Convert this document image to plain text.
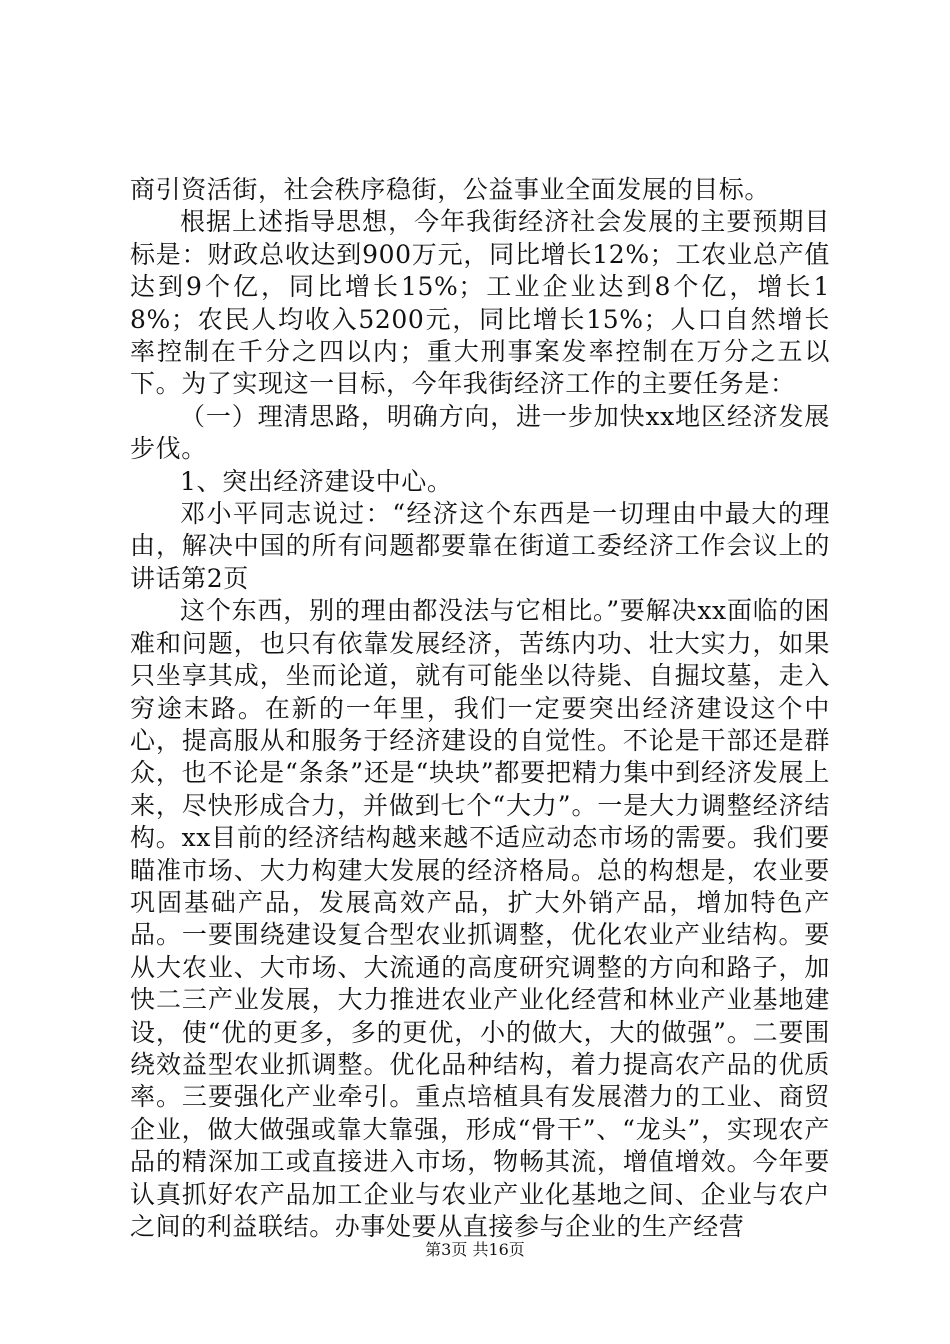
商引资活街，社会秩序稳街，公益事业全面发展的目标。

根据上述指导思想，今年我街经济社会发展的主要预期目标是：财政总收达到900万元，同比增长12%；工农业总产值达到9个亿，同比增长15%；工业企业达到8个亿，增长18%；农民人均收入5200元，同比增长15%；人口自然增长率控制在千分之四以内；重大刑事案发率控制在万分之五以下。为了实现这一目标，今年我街经济工作的主要任务是：

（一）理清思路，明确方向，进一步加快xx地区经济发展步伐。

1、突出经济建设中心。

邓小平同志说过：“经济这个东西是一切理由中最大的理由，解决中国的所有问题都要靠在街道工委经济工作会议上的讲话第2页

这个东西，别的理由都没法与它相比。”要解决xx面临的困难和问题，也只有依靠发展经济，苦练内功、壮大实力，如果只坐享其成，坐而论道，就有可能坐以待毙、自掘坟墓，走入穷途末路。在新的一年里，我们一定要突出经济建设这个中心，提高服从和服务于经济建设的自觉性。不论是干部还是群众，也不论是“条条”还是“块块”都要把精力集中到经济发展上来，尽快形成合力，并做到七个“大力”。一是大力调整经济结构。xx目前的经济结构越来越不适应动态市场的需要。我们要瞄准市场、大力构建大发展的经济格局。总的构想是，农业要巩固基础产品，发展高效产品，扩大外销产品，增加特色产品。一要围绕建设复合型农业抓调整，优化农业产业结构。要从大农业、大市场、大流通的高度研究调整的方向和路子，加快二三产业发展，大力推进农业产业化经营和林业产业基地建设，使“优的更多，多的更优，小的做大，大的做强”。二要围绕效益型农业抓调整。优化品种结构，着力提高农产品的优质率。三要强化产业牵引。重点培植具有发展潜力的工业、商贸企业，做大做强或靠大靠强，形成“骨干”、“龙头”，实现农产品的精深加工或直接进入市场，物畅其流，增值增效。今年要认真抓好农产品加工企业与农业产业化基地之间、企业与农户之间的利益联结。办事处要从直接参与企业的生产经营

第3页 共16页
